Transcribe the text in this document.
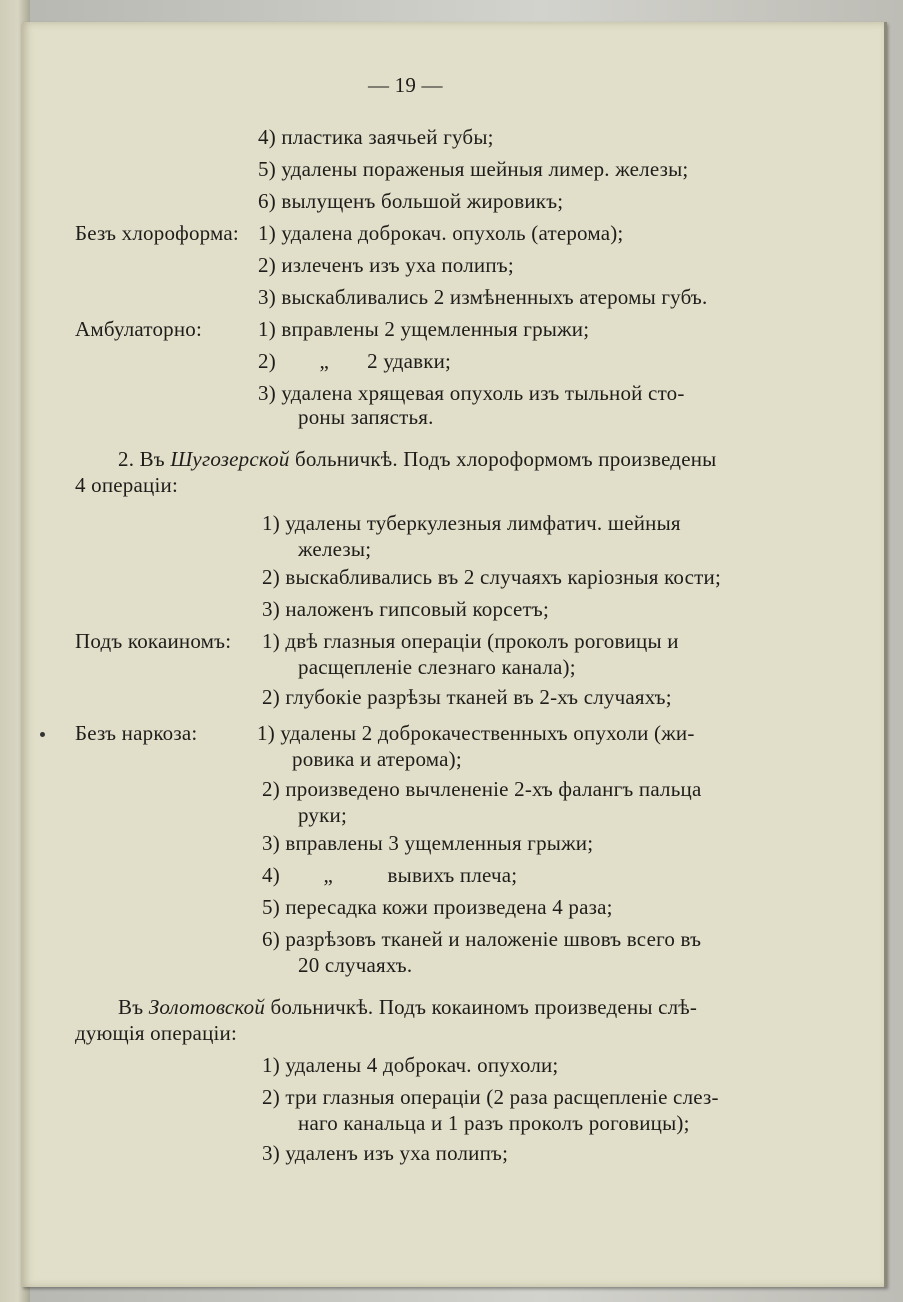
— 19 —
4) пластика заячьей губы;
5) удалены пораженыя шейныя лимер. железы;
6) вылущенъ большой жировикъ;
Безъ хлороформа: 1) удалена доброкач. опухоль (атерома);
2) излеченъ изъ уха полипъ;
3) выскабливались 2 измѣненныхъ атеромы губъ.
Амбулаторно:	1) вправлены 2 ущемленныя грыжи;
2)        „       2 удавки;
3) удалена хрящевая опухоль изъ тыльной сто-
роны запястья.
2. Въ Шугозерской больничкѣ. Подъ хлороформомъ произведены
4 операціи:
1) удалены туберкулезныя лимфатич. шейныя
железы;
2) выскабливались въ 2 случаяхъ каріозныя кости;
3) наложенъ гипсовый корсетъ;
Подъ кокаиномъ: 1) двѣ глазныя операціи (проколъ роговицы и
расщепленіе слезнаго канала);
2) глубокіе разрѣзы тканей въ 2-хъ случаяхъ;
Безъ наркоза:	1) удалены 2 доброкачественныхъ опухоли (жи-
ровика и атерома);
2) произведено вычлененіе 2-хъ фалангъ пальца
руки;
3) вправлены 3 ущемленныя грыжи;
4)        „          вывихъ плеча;
5) пересадка кожи произведена 4 раза;
6) разрѣзовъ тканей и наложеніе швовъ всего въ
20 случаяхъ.
Въ Золотовской больничкѣ. Подъ кокаиномъ произведены слѣ-
дующія операціи:
1) удалены 4 доброкач. опухоли;
2) три глазныя операціи (2 раза расщепленіе слез-
наго канальца и 1 разъ проколъ роговицы);
3) удаленъ изъ уха полипъ;
